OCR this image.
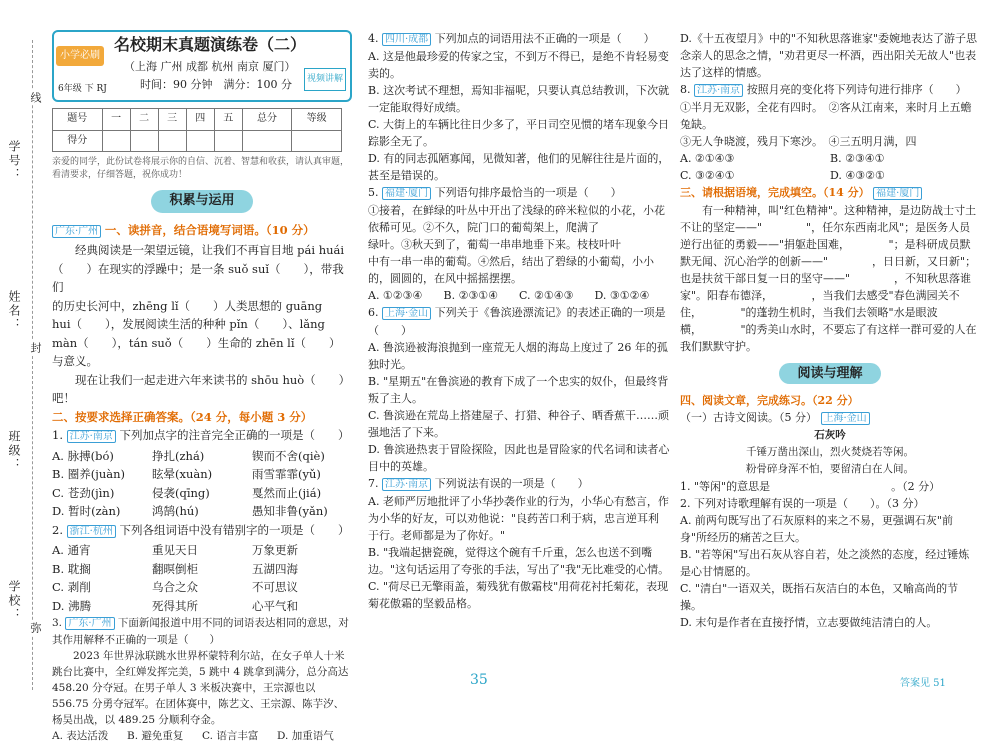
学号：
姓名：
班级：
学校：
线
封
弥
小学必刷卷
6年级 下 RJ
名校期末真题演练卷（二）
（上海 广州 成都 杭州 南京 厦门）
时间：90 分钟　满分：100 分	视频讲解
题号	一	二	三	四	五	总分	等级
得分							
亲爱的同学，此份试卷将展示你的自信、沉着、智慧和收获，请认真审题，看清要求，仔细答题，祝你成功！
积累与运用
广东·广州 一、读拼音，结合语境写词语。（10 分）
经典阅读是一架望远镜，让我们不再盲目地 pái huái
（　　）在现实的浮躁中；是一条 suǒ suǐ（　　），带我们
的历史长河中，zhēng lǐ（　　）人类思想的 guāng
hui（　　），发展阅读生活的种种 pǐn（　　）、lǎng
màn（　　），tán suǒ（　　）生命的 zhēn lǐ（　　）与意义。
现在让我们一起走进六年来读书的 shōu huò（　　）吧！
二、按要求选择正确答案。（24 分，每小题 3 分）
1. 江苏·南京 下列加点字的注音完全正确的一项是（　　）
A. 脉搏(bó)	挣扎(zhá)	锲而不舍(qiè)
B. 圈养(juàn)	眩晕(xuàn)	雨雪霏霏(yǔ)
C. 苍劲(jìn)	侵袭(qīng)	戛然而止(jiá)
D. 暂时(zàn)	鸿鹄(hú)	愚知非鲁(yǎn)
2. 浙江·杭州 下列各组词语中没有错别字的一项是（　　）
A. 通宵	重见天日	万象更新
B. 耽搁	翻暝倒柜	五湖四海
C. 剥削	乌合之众	不可思议
D. 沸腾	死得其所	心平气和
3. 广东·广州 下面新闻报道中用不同的词语表达相同的意思，对其作用解释不正确的一项是（　　）
2023 年世界泳联跳水世界杯蒙特利尔站，在女子单人十米跳台比赛中，全红婵发挥完美，5 跳中 4 跳拿到满分，总分高达 458.20 分夺冠。在男子单人 3 米板决赛中，王宗源也以 556.75 分勇夺冠军。在团体赛中，陈艺文、王宗源、陈芋汐、杨昊出战，以 489.25 分顺利夺金。
A. 表达活泼	B. 避免重复	C. 语言丰富	D. 加重语气
4. 四川·成都 下列加点的词语用法不正确的一项是（　　）
A. 这是他最珍爱的传家之宝，不到万不得已，是绝不肯轻易变卖的。
B. 这次考试不理想，焉知非福呢，只要认真总结教训，下次就一定能取得好成绩。
C. 大街上的车辆比往日少多了，平日司空见惯的堵车现象今日踪影全无了。
D. 有的同志孤陋寡闻，见微知著，他们的见解往往是片面的，甚至是错误的。
5. 福建·厦门 下列语句排序最恰当的一项是（　　）
①接着，在鲜绿的叶丛中开出了浅绿的碎米粒似的小花，小花依稀可见。②不久，院门口的葡萄架上，爬满了
绿叶。③秋天到了，葡萄一串串地垂下来。枝枝叶叶
中有一串一串的葡萄。④然后，结出了碧绿的小葡萄，小小的，圆圆的，在风中摇摇摆摆。
A. ①②③④	B. ②③①④	C. ②①④③	D. ③①②④
6. 上海·金山 下列关于《鲁滨逊漂流记》的表述正确的一项是（　　）
A. 鲁滨逊被海浪抛到一座荒无人烟的海岛上度过了 26 年的孤独时光。
B. "星期五"在鲁滨逊的教育下成了一个忠实的奴仆，但最终背叛了主人。
C. 鲁滨逊在荒岛上搭建屋子、打猎、种谷子、晒香蕉干……顽强地活了下来。
D. 鲁滨逊热衷于冒险探险，因此也是冒险家的代名词和读者心目中的英雄。
7. 江苏·南京 下列说法有误的一项是（　　）
A. 老师严厉地批评了小华抄袭作业的行为，小华心有愁言，作为小华的好友，可以劝他说："良药苦口利于病，忠言逆耳利于行。老师都是为了你好。"
B. "我端起搪瓷碗，觉得这个碗有千斤重，怎么也送不到嘴边。"这句话运用了夸张的手法，写出了"我"无比难受的心情。
C. "荷尽已无擎雨盖，菊残犹有傲霜枝"用荷花衬托菊花，表现菊花傲霜的坚毅品格。
D.《十五夜望月》中的"不知秋思落谁家"委婉地表达了游子思念亲人的思念之情，"劝君更尽一杯酒，西出阳关无故人"也表达了这样的情感。
8. 江苏·南京 按照月亮的变化将下列诗句进行排序（　　）
①半月无双影，全花有四时。　②客从江南来，来时月上五蟾兔缺。
③无人争晓渡，残月下寒沙。　④三五明月满，四
A. ②①④③	B. ②③④①
C. ③②④①	D. ④③②①
三、请根据语境，完成填空。（14 分） 福建·厦门
有一种精神，叫"红色精神"。这种精神，是边防战士寸土不让的坚定——"　　　　"，任尔东西南北风"；是医务人员逆行出征的勇毅——"捐躯赴国难，　　　　"；是科研成员默默无闻、沉心治学的创新——"　　　　，日日新，又日新"；也是扶贫干部日复一日的坚守——"　　　　，不知秋思落谁家"。阳春布德泽，　　　　，当我们去感受"春色满园关不住，　　　　"的蓬勃生机时，当我们去领略"水是眼波横，　　　　"的秀美山水时，不要忘了有这样一群可爱的人在我们默默守护。
阅读与理解
四、阅读文章，完成练习。（22 分）
（一）古诗文阅读。（5 分） 上海·金山
石灰吟
千锤万凿出深山，烈火焚烧若等闲。
粉骨碎身浑不怕，要留清白在人间。
1. "等闲"的意思是　　　　　　　　　　　。（2 分）
2. 下列对诗歌理解有误的一项是（　　）。（3 分）
A. 前两句既写出了石灰原料的来之不易，更强调石灰"前身"所经历的痛苦之巨大。
B. "若等闲"写出石灰从容自若，处之淡然的态度，经过锤炼是心甘情愿的。
C. "清白"一语双关，既指石灰洁白的本色，又喻高尚的节操。
D. 末句是作者在直接抒情，立志要做纯洁清白的人。
35	答案见 51
